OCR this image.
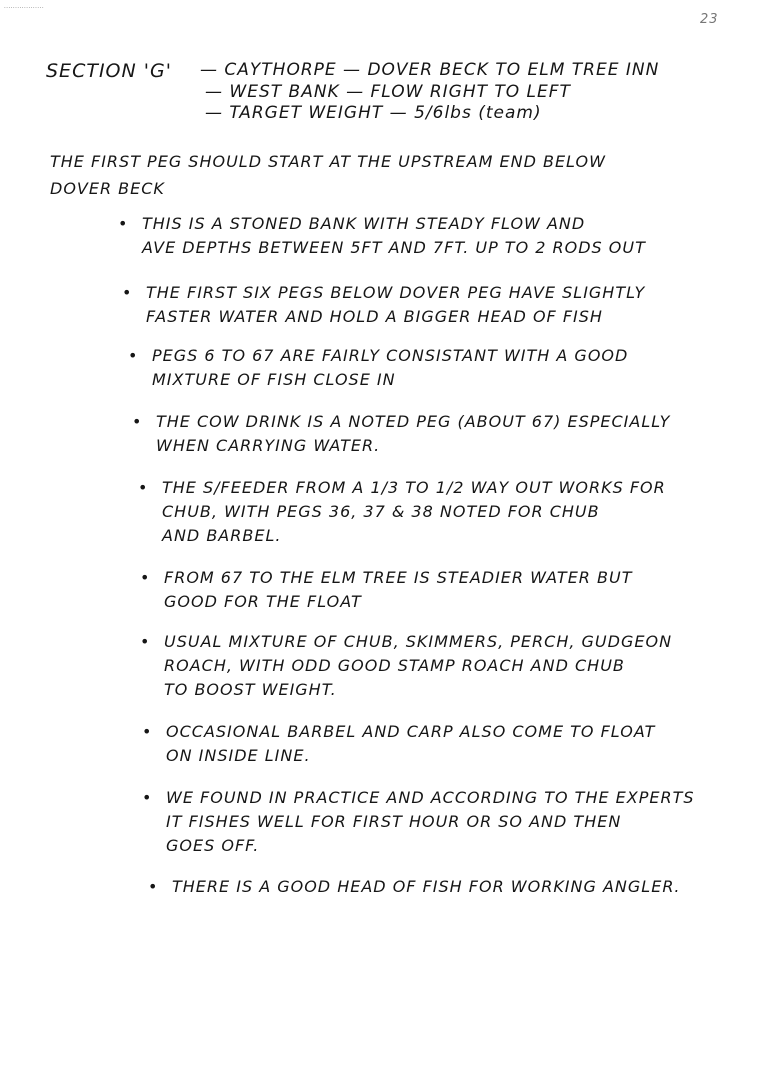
..................
23
SECTION 'G' — CAYTHORPE — DOVER BECK TO ELM TREE INN
— WEST BANK — FLOW RIGHT TO LEFT
— TARGET WEIGHT — 5/6lbs (team)
THE FIRST PEG SHOULD START AT THE UPSTREAM END BELOW
DOVER BECK
• THIS IS A STONED BANK WITH STEADY FLOW AND
AVE DEPTHS BETWEEN 5FT AND 7FT. UP TO 2 RODS OUT
• THE FIRST SIX PEGS BELOW DOVER PEG HAVE SLIGHTLY
FASTER WATER AND HOLD A BIGGER HEAD OF FISH
• PEGS 6 TO 67 ARE FAIRLY CONSISTANT WITH A GOOD
MIXTURE OF FISH CLOSE IN
• THE COW DRINK IS A NOTED PEG (ABOUT 67) ESPECIALLY
WHEN CARRYING WATER.
• THE S/FEEDER FROM A 1/3 TO 1/2 WAY OUT WORKS FOR
CHUB, WITH PEGS 36, 37 & 38 NOTED FOR CHUB
AND BARBEL.
• FROM 67 TO THE ELM TREE IS STEADIER WATER BUT
GOOD FOR THE FLOAT
• USUAL MIXTURE OF CHUB, SKIMMERS, PERCH, GUDGEON
ROACH, WITH ODD GOOD STAMP ROACH AND CHUB
TO BOOST WEIGHT.
• OCCASIONAL BARBEL AND CARP ALSO COME TO FLOAT
ON INSIDE LINE.
• WE FOUND IN PRACTICE AND ACCORDING TO THE EXPERTS
IT FISHES WELL FOR FIRST HOUR OR SO AND THEN
GOES OFF.
• THERE IS A GOOD HEAD OF FISH FOR WORKING ANGLER.
